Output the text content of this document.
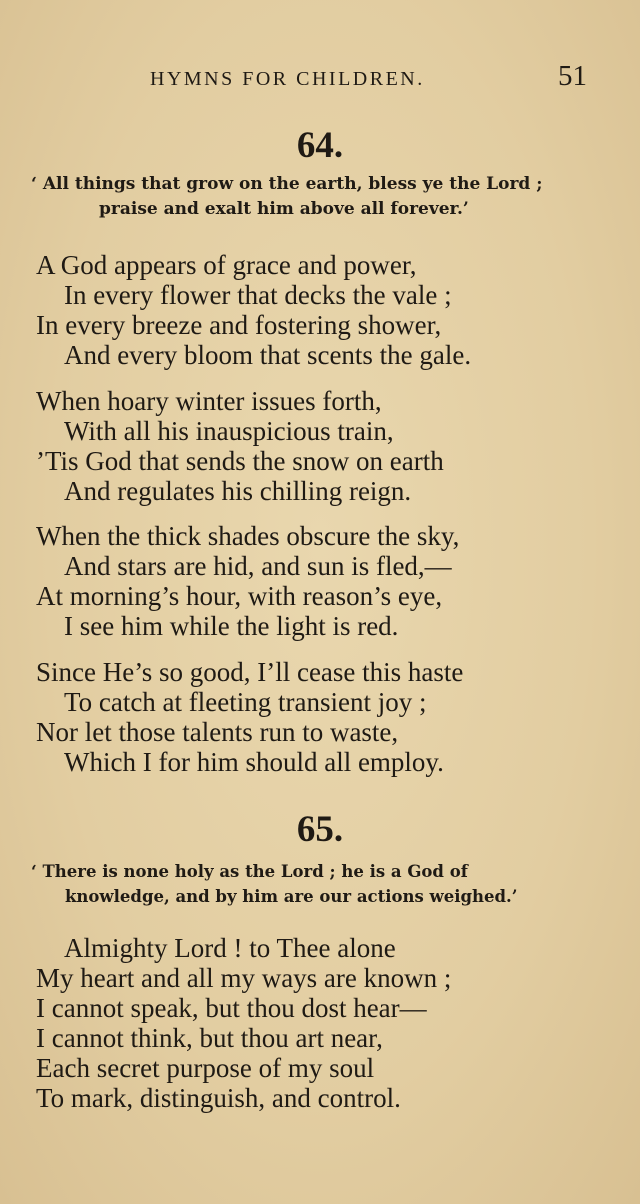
HYMNS FOR CHILDREN.	51
64.
‘ All things that grow on the earth, bless ye the Lord ;
praise and exalt him above all forever.’
A God appears of grace and power,
In every flower that decks the vale ;
In every breeze and fostering shower,
And every bloom that scents the gale.
When hoary winter issues forth,
With all his inauspicious train,
’Tis God that sends the snow on earth
And regulates his chilling reign.
When the thick shades obscure the sky,
And stars are hid, and sun is fled,—
At morning’s hour, with reason’s eye,
I see him while the light is red.
Since He’s so good, I’ll cease this haste
To catch at fleeting transient joy ;
Nor let those talents run to waste,
Which I for him should all employ.
65.
‘ There is none holy as the Lord ; he is a God of
knowledge, and by him are our actions weighed.’
Almighty Lord ! to Thee alone
My heart and all my ways are known ;
I cannot speak, but thou dost hear—
I cannot think, but thou art near,
Each secret purpose of my soul
To mark, distinguish, and control.
